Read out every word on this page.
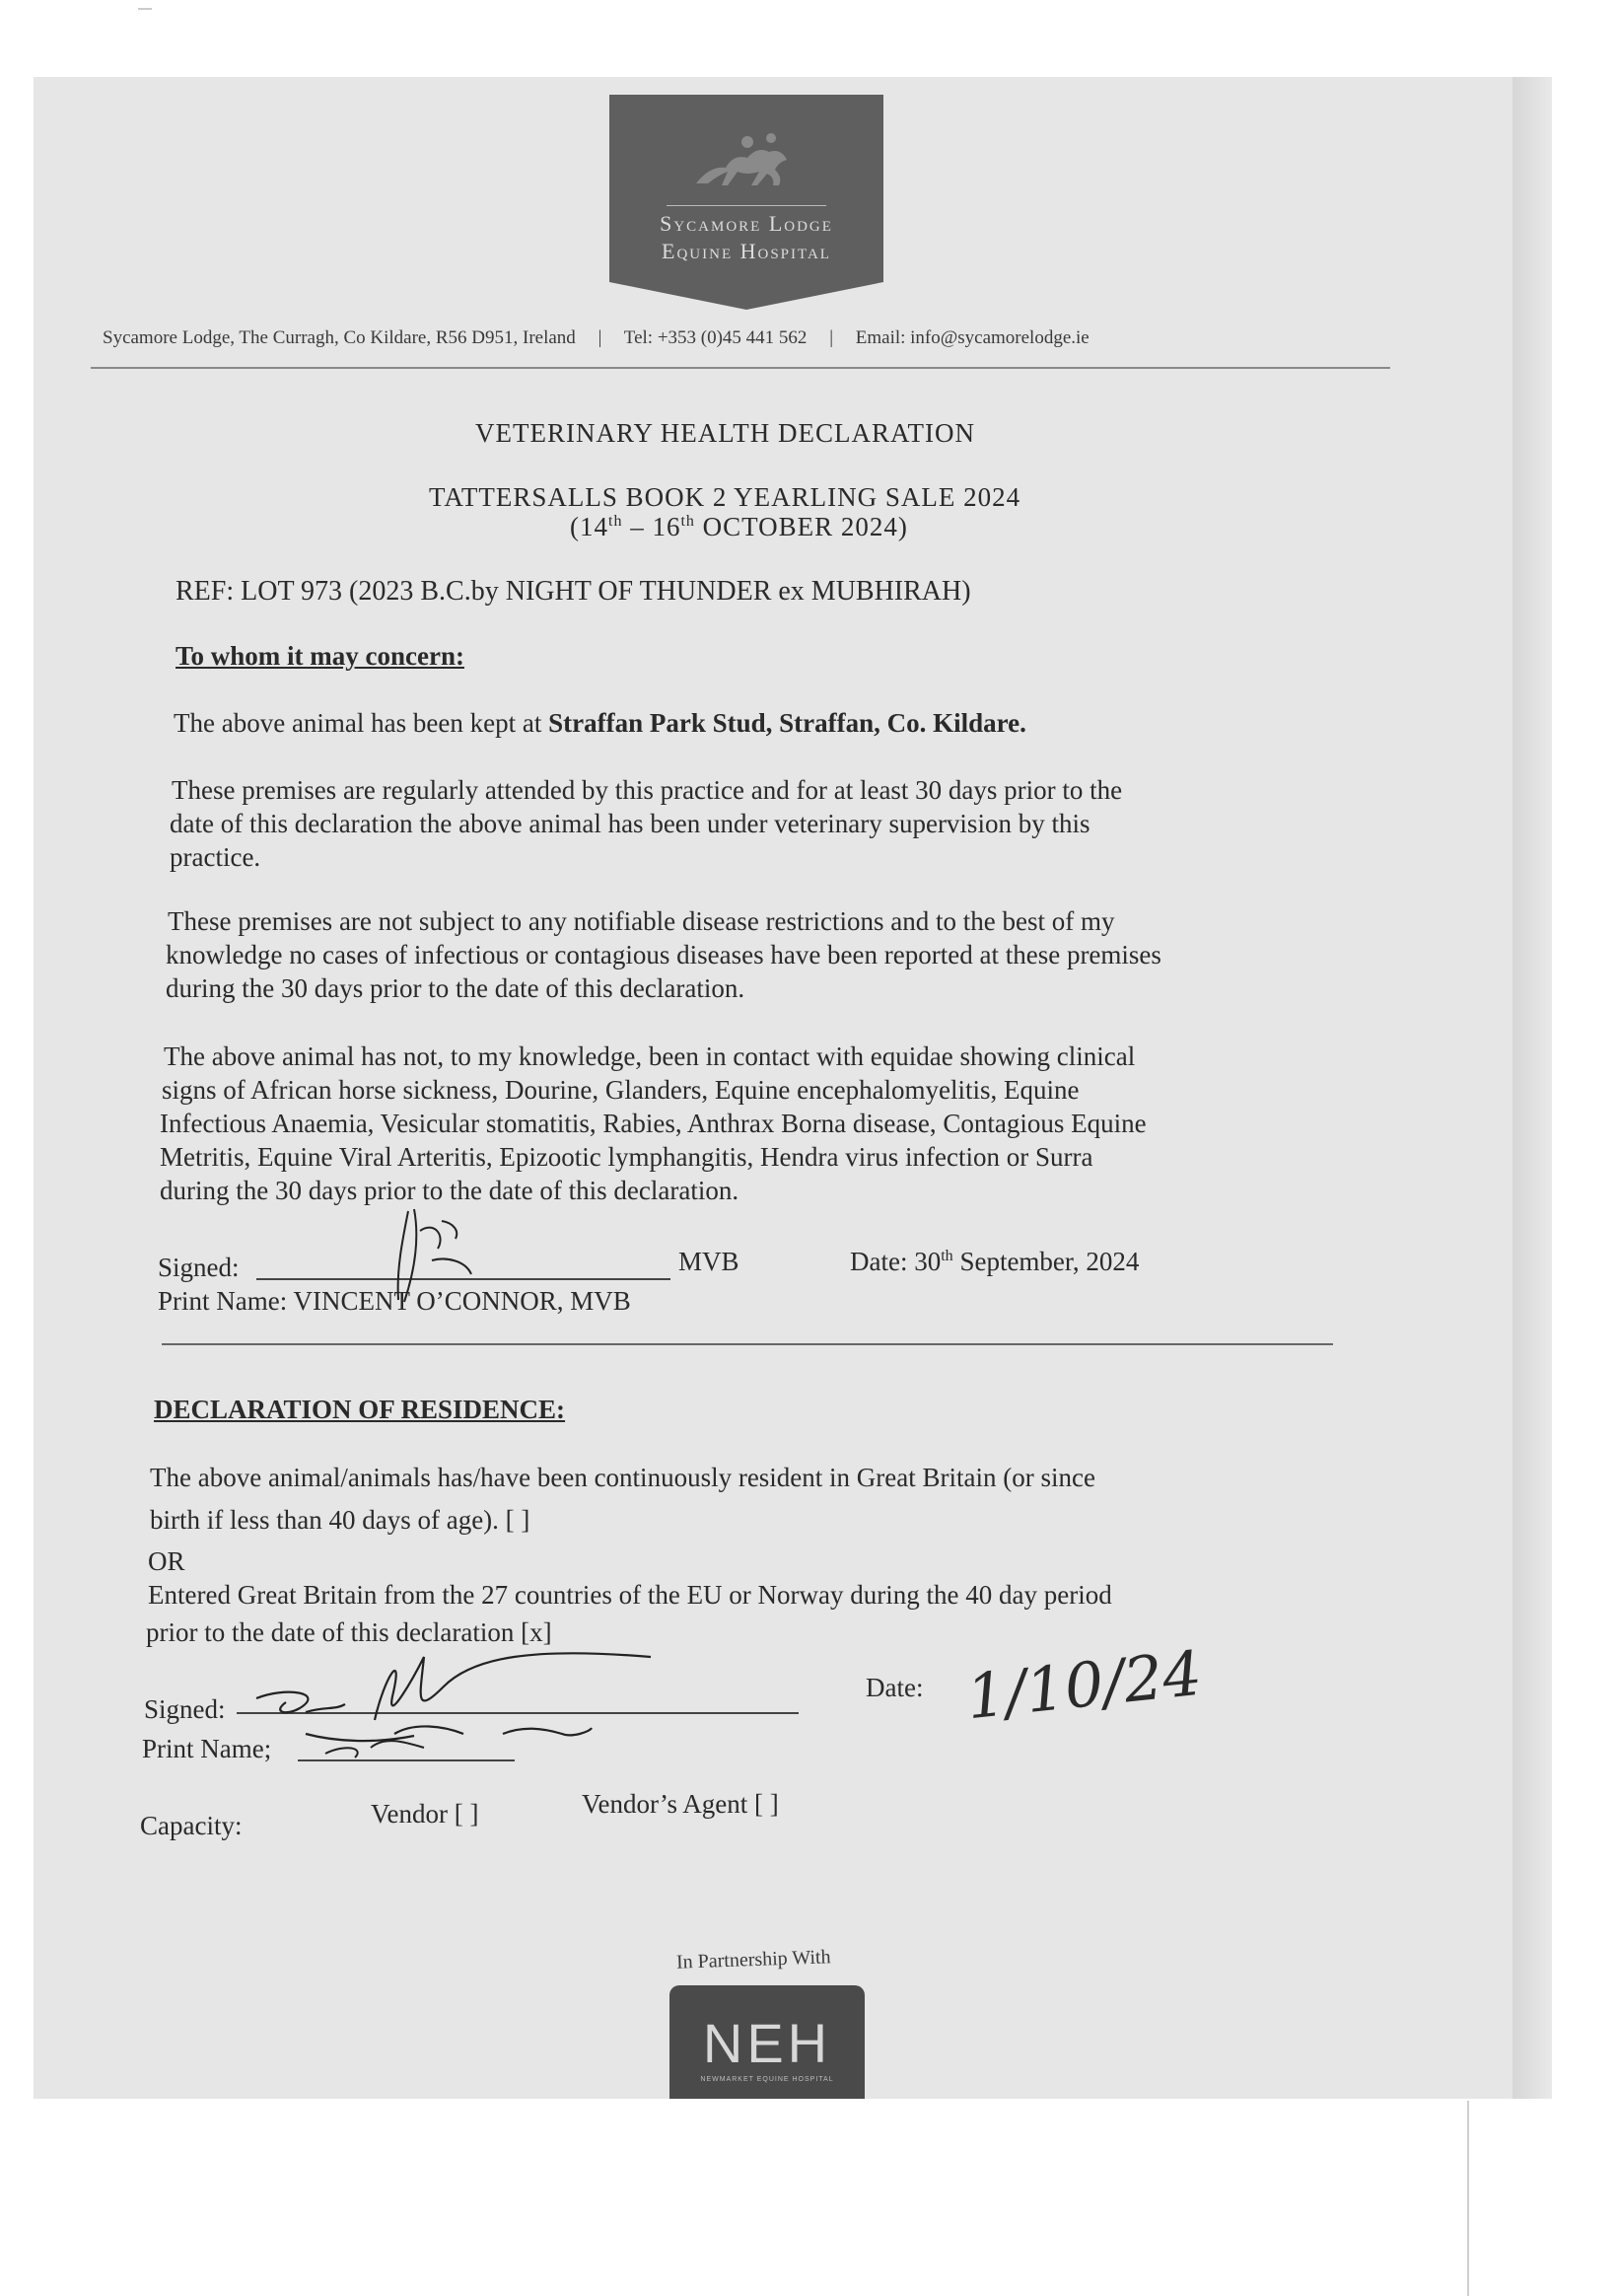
Sycamore Lodge
Equine Hospital
Sycamore Lodge, The Curragh, Co Kildare, R56 D951, Ireland | Tel: +353 (0)45 441 562 | Email: info@sycamorelodge.ie
VETERINARY HEALTH DECLARATION
TATTERSALLS BOOK 2 YEARLING SALE 2024
(14th – 16th OCTOBER 2024)
REF: LOT 973 (2023 B.C.by NIGHT OF THUNDER ex MUBHIRAH)
To whom it may concern:
The above animal has been kept at Straffan Park Stud, Straffan, Co. Kildare.
These premises are regularly attended by this practice and for at least 30 days prior to the
date of this declaration the above animal has been under veterinary supervision by this
practice.
These premises are not subject to any notifiable disease restrictions and to the best of my
knowledge no cases of infectious or contagious diseases have been reported at these premises
during the 30 days prior to the date of this declaration.
The above animal has not, to my knowledge, been in contact with equidae showing clinical
signs of African horse sickness, Dourine, Glanders, Equine encephalomyelitis, Equine
Infectious Anaemia, Vesicular stomatitis, Rabies, Anthrax Borna disease, Contagious Equine
Metritis, Equine Viral Arteritis, Epizootic lymphangitis, Hendra virus infection or Surra
during the 30 days prior to the date of this declaration.
Signed:	MVB	Date: 30th September, 2024
Print Name: VINCENT O’CONNOR, MVB
DECLARATION OF RESIDENCE:
The above animal/animals has/have been continuously resident in Great Britain (or since
birth if less than 40 days of age). [ ]
OR
Entered Great Britain from the 27 countries of the EU or Norway during the 40 day period
prior to the date of this declaration [x]
Signed:
Print Name;
Date: 1/10/24
Capacity:	Vendor [ ]	Vendor’s Agent [ ]
In Partnership With
NEH
NEWMARKET EQUINE HOSPITAL
